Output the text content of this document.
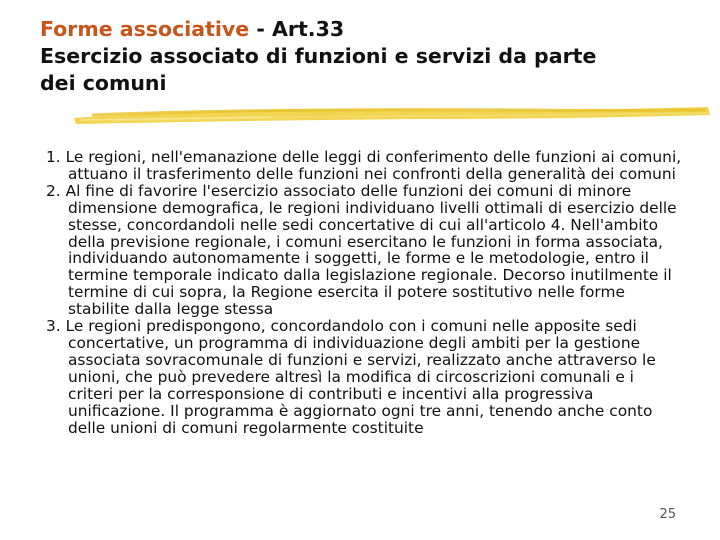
Forme associative - Art.33
Esercizio associato di funzioni e servizi da parte
dei comuni
1. Le regioni, nell'emanazione delle leggi di conferimento delle funzioni ai comuni, attuano il trasferimento delle funzioni nei confronti della generalità dei comuni
2. Al fine di favorire l'esercizio associato delle funzioni dei comuni di minore dimensione demografica, le regioni individuano livelli ottimali di esercizio delle stesse, concordandoli nelle sedi concertative di cui all'articolo 4. Nell'ambito della previsione regionale, i comuni esercitano le funzioni in forma associata, individuando autonomamente i soggetti, le forme e le metodologie, entro il termine temporale indicato dalla legislazione regionale. Decorso inutilmente il termine di cui sopra, la Regione esercita il potere sostitutivo nelle forme stabilite dalla legge stessa
3. Le regioni predispongono, concordandolo con i comuni nelle apposite sedi concertative, un programma di individuazione degli ambiti per la gestione associata sovracomunale di funzioni e servizi, realizzato anche attraverso le unioni, che può prevedere altresì la modifica di circoscrizioni comunali e i criteri per la corresponsione di contributi e incentivi alla progressiva unificazione. Il programma è aggiornato ogni tre anni, tenendo anche conto delle unioni di comuni regolarmente costituite
25
